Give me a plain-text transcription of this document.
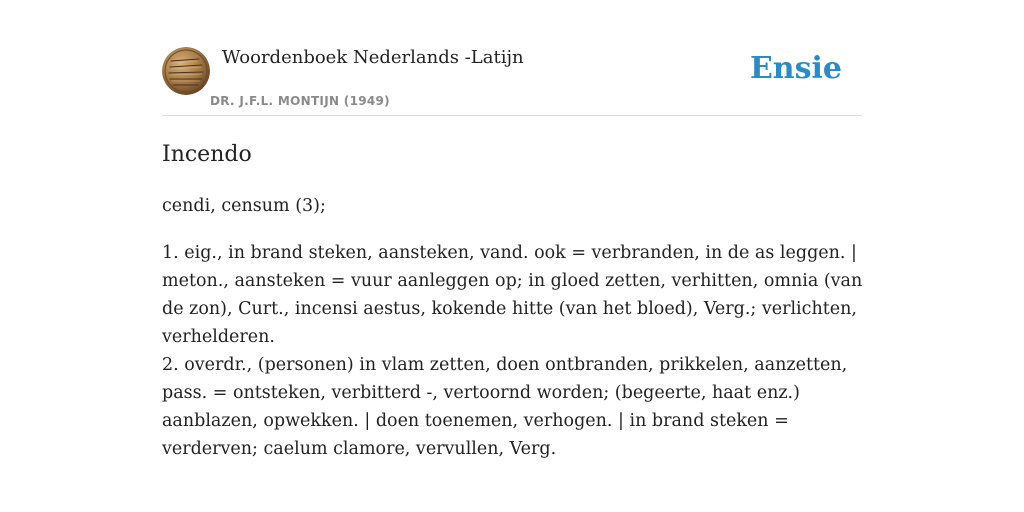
Woordenboek Nederlands -Latijn
DR. J.F.L. MONTIJN (1949)
Ensie
Incendo

cendi, censum (3);

1. eig., in brand steken, aansteken, vand. ook = verbranden, in de as leggen. | meton., aansteken = vuur aanleggen op; in gloed zetten, verhitten, omnia (van de zon), Curt., incensi aestus, kokende hitte (van het bloed), Verg.; verlichten, verhelderen.

2. overdr., (personen) in vlam zetten, doen ontbranden, prikkelen, aanzetten, pass. = ontsteken, verbitterd -, vertoornd worden; (begeerte, haat enz.) aanblazen, opwekken. | doen toenemen, verhogen. | in brand steken = verderven; caelum clamore, vervullen, Verg.
